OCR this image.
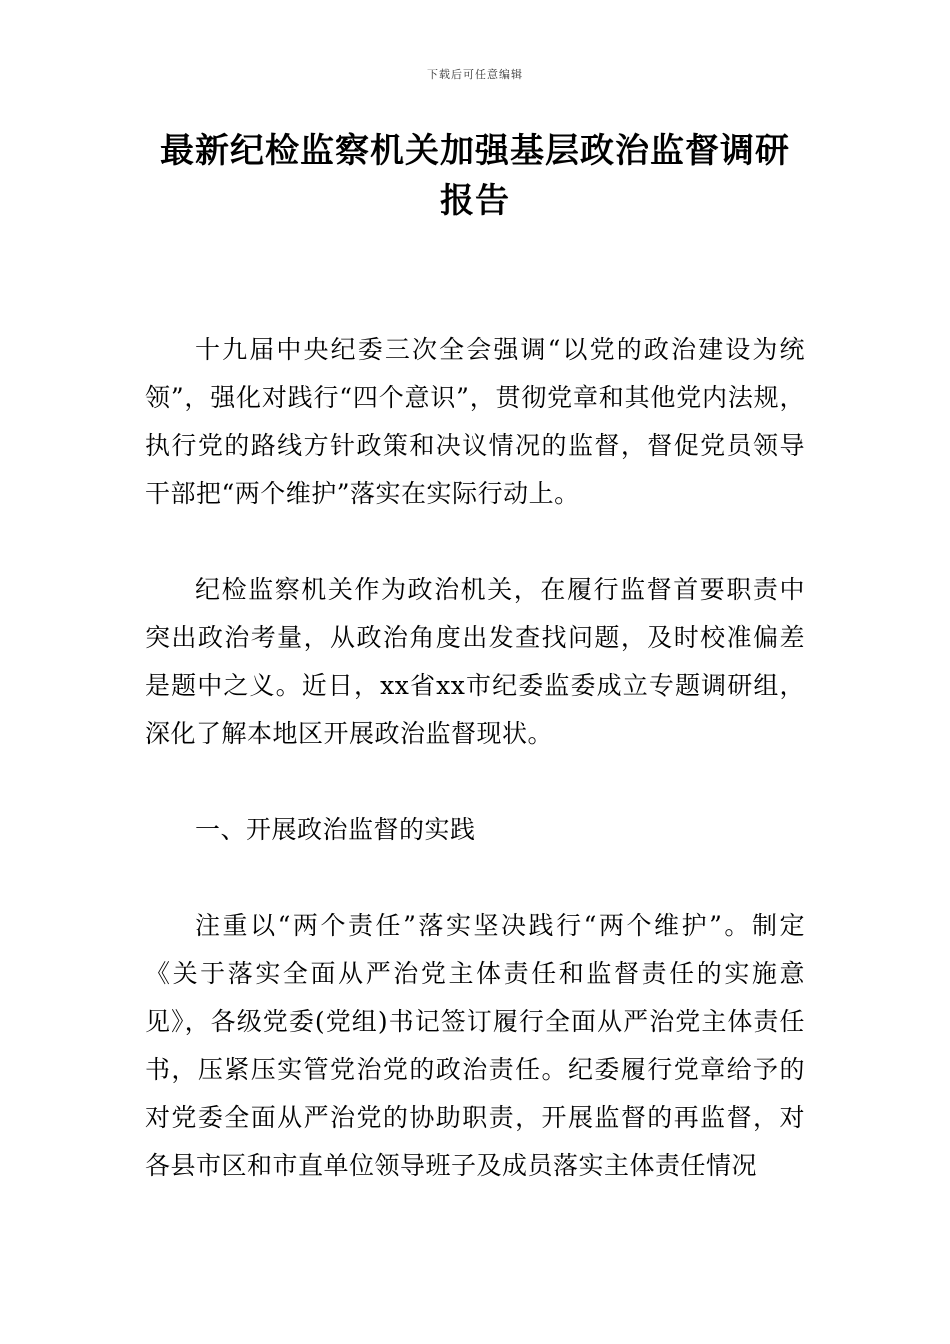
下载后可任意编辑
最新纪检监察机关加强基层政治监督调研报告

十九届中央纪委三次全会强调“以党的政治建设为统领”，强化对践行“四个意识”，贯彻党章和其他党内法规，执行党的路线方针政策和决议情况的监督，督促党员领导干部把“两个维护”落实在实际行动上。

纪检监察机关作为政治机关，在履行监督首要职责中突出政治考量，从政治角度出发查找问题，及时校准偏差是题中之义。近日，xx省xx市纪委监委成立专题调研组，深化了解本地区开展政治监督现状。

一、开展政治监督的实践

注重以“两个责任”落实坚决践行“两个维护”。制定《关于落实全面从严治党主体责任和监督责任的实施意见》，各级党委(党组)书记签订履行全面从严治党主体责任书，压紧压实管党治党的政治责任。纪委履行党章给予的对党委全面从严治党的协助职责，开展监督的再监督，对各县市区和市直单位领导班子及成员落实主体责任情况
